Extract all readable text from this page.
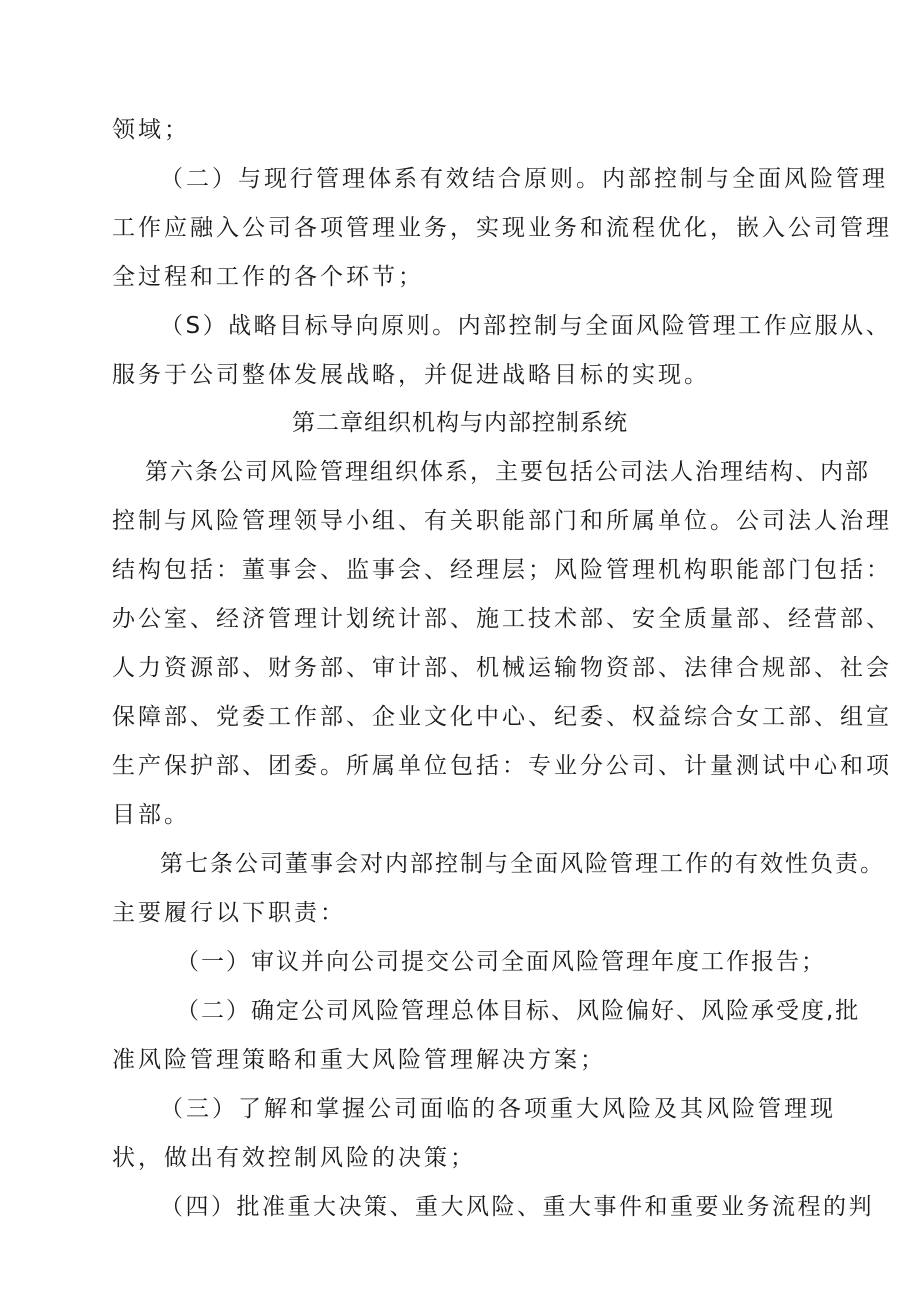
领域；
（二）与现行管理体系有效结合原则。内部控制与全面风险管理
工作应融入公司各项管理业务，实现业务和流程优化，嵌入公司管理
全过程和工作的各个环节；
（S）战略目标导向原则。内部控制与全面风险管理工作应服从、
服务于公司整体发展战略，并促进战略目标的实现。
第二章组织机构与内部控制系统
第六条公司风险管理组织体系，主要包括公司法人治理结构、内部
控制与风险管理领导小组、有关职能部门和所属单位。公司法人治理
结构包括：董事会、监事会、经理层；风险管理机构职能部门包括：
办公室、经济管理计划统计部、施工技术部、安全质量部、经营部、
人力资源部、财务部、审计部、机械运输物资部、法律合规部、社会
保障部、党委工作部、企业文化中心、纪委、权益综合女工部、组宣
生产保护部、团委。所属单位包括：专业分公司、计量测试中心和项
目部。
第七条公司董事会对内部控制与全面风险管理工作的有效性负责。
主要履行以下职责：
（一）审议并向公司提交公司全面风险管理年度工作报告；
（二）确定公司风险管理总体目标、风险偏好、风险承受度,批
准风险管理策略和重大风险管理解决方案；
（三）了解和掌握公司面临的各项重大风险及其风险管理现
状，做出有效控制风险的决策；
（四）批准重大决策、重大风险、重大事件和重要业务流程的判
